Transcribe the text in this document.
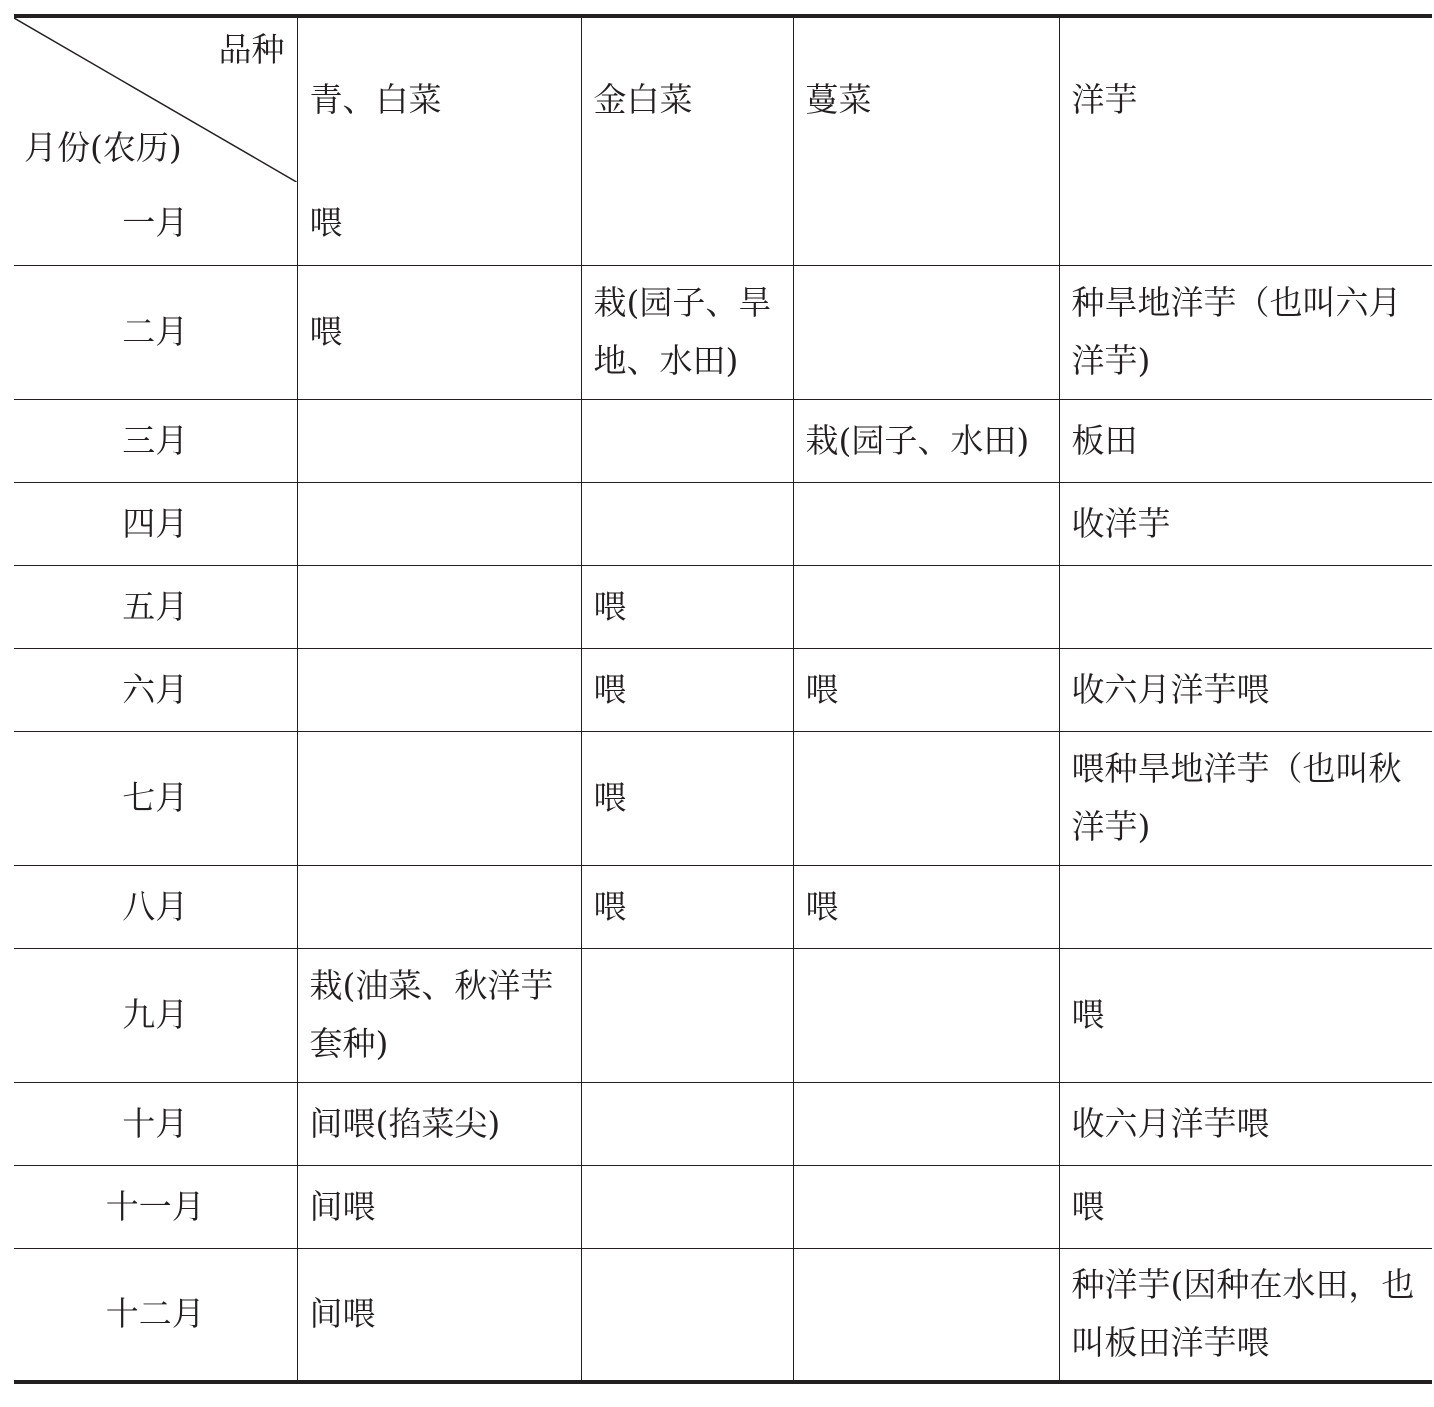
品种
月份(农历)	青、白菜	金白菜	蔓菜	洋芋
一月	喂			
二月	喂	栽(园子、旱地、水田)		种旱地洋芋（也叫六月洋芋)
三月			栽(园子、水田)	板田
四月				收洋芋
五月		喂		
六月		喂	喂	收六月洋芋喂
七月		喂		喂种旱地洋芋（也叫秋洋芋)
八月		喂	喂	
九月	栽(油菜、秋洋芋套种)			喂
十月	间喂(掐菜尖)			收六月洋芋喂
十一月	间喂			喂
十二月	间喂			种洋芋(因种在水田，也叫板田洋芋喂
